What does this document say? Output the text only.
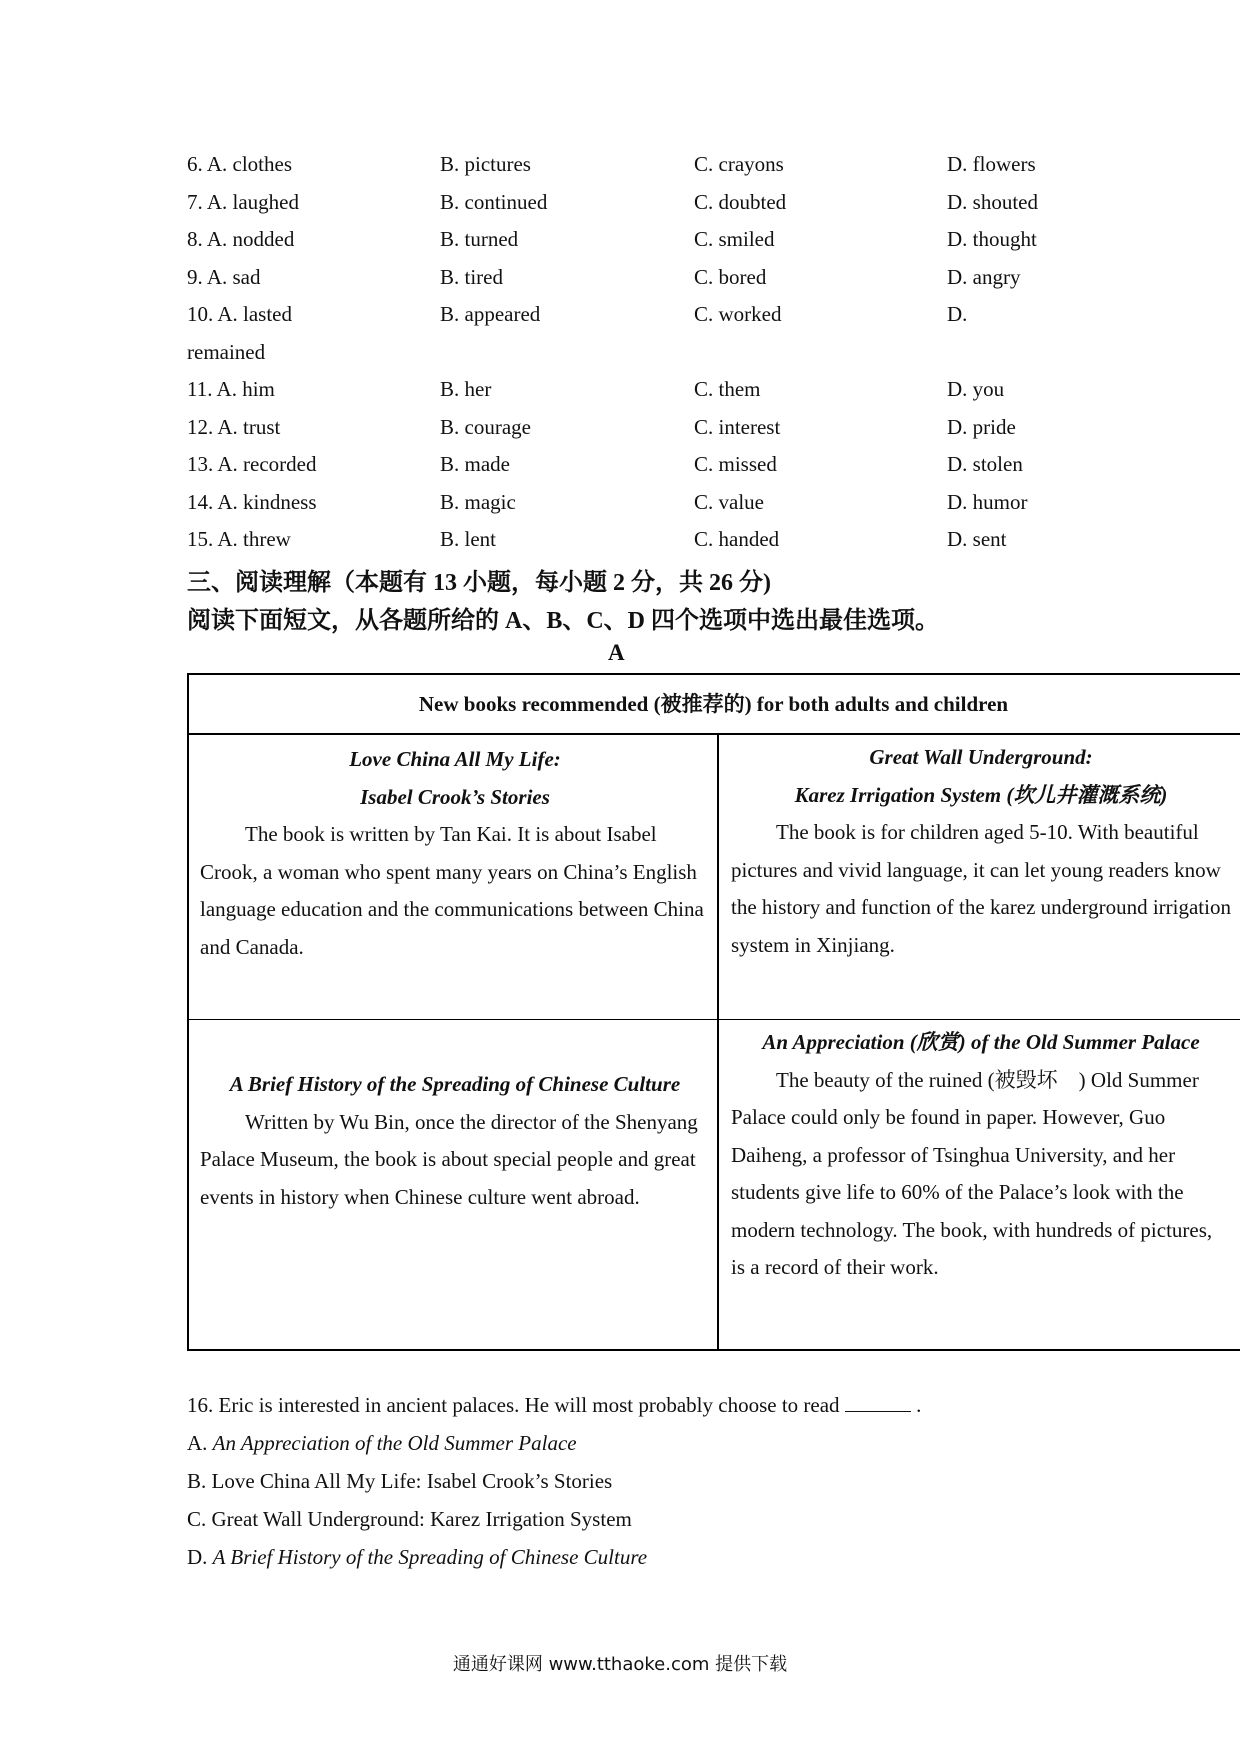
6. A. clothes	B. pictures	C. crayons	D. flowers
7. A. laughed	B. continued	C. doubted	D. shouted
8. A. nodded	B. turned	C. smiled	D. thought
9. A. sad	B. tired	C. bored	D. angry
10. A. lasted	B. appeared	C. worked	D.
remained
11. A. him	B. her	C. them	D. you
12. A. trust	B. courage	C. interest	D. pride
13. A. recorded	B. made	C. missed	D. stolen
14. A. kindness	B. magic	C. value	D. humor
15. A. threw	B. lent	C. handed	D. sent
三、阅读理解（本题有 13 小题，每小题 2 分，共 26 分)
阅读下面短文，从各题所给的 A、B、C、D 四个选项中选出最佳选项。
A
New books recommended (被推荐的) for both adults and children
Love China All My Life:
Isabel Crook’s Stories
The book is written by Tan Kai. It is about Isabel Crook, a woman who spent many years on China’s English language education and the communications between China and Canada.
Great Wall Underground:
Karez Irrigation System (坎儿井灌溉系统)
The book is for children aged 5-10. With beautiful pictures and vivid language, it can let young readers know the history and function of the karez underground irrigation system in Xinjiang.
A Brief History of the Spreading of Chinese Culture
Written by Wu Bin, once the director of the Shenyang Palace Museum, the book is about special people and great events in history when Chinese culture went abroad.
An Appreciation (欣赏) of the Old Summer Palace
The beauty of the ruined (被毁坏　) Old Summer Palace could only be found in paper. However, Guo Daiheng, a professor of Tsinghua University, and her students give life to 60% of the Palace’s look with the modern technology. The book, with hundreds of pictures, is a record of their work.
16. Eric is interested in ancient palaces. He will most probably choose to read	.
A. An Appreciation of the Old Summer Palace
B. Love China All My Life: Isabel Crook’s Stories
C. Great Wall Underground: Karez Irrigation System
D. A Brief History of the Spreading of Chinese Culture
通通好课网 www.tthaoke.com 提供下载
